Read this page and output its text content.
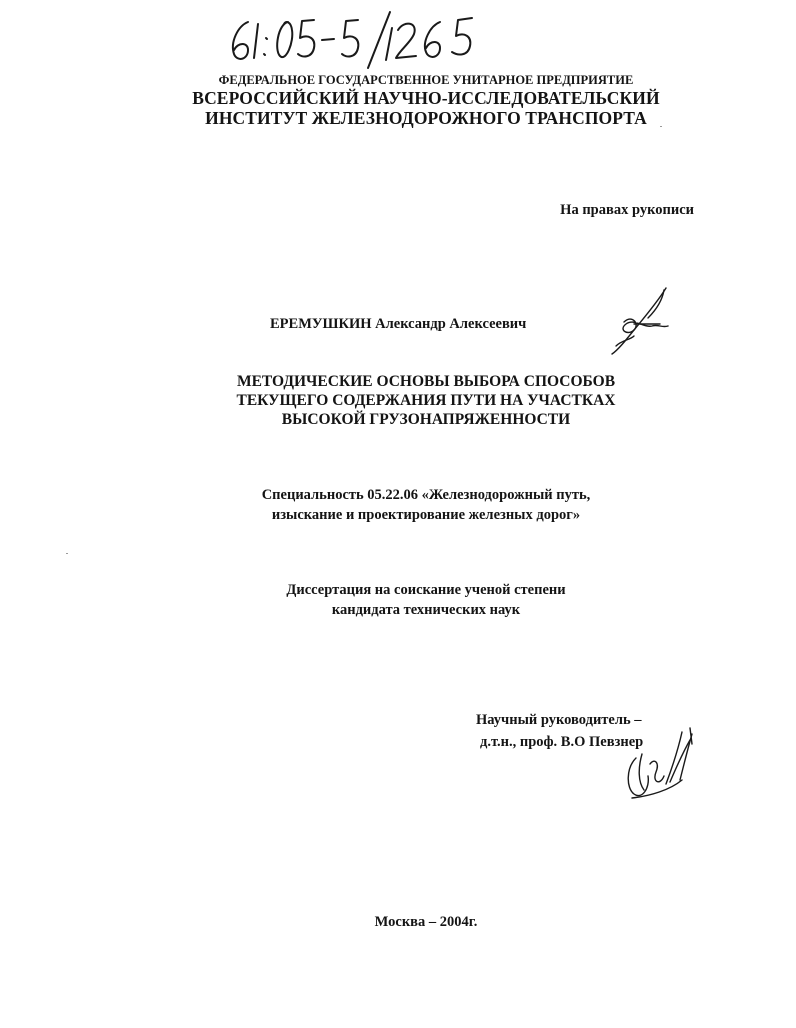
ФЕДЕРАЛЬНОЕ ГОСУДАРСТВЕННОЕ УНИТАРНОЕ ПРЕДПРИЯТИЕ
ВСЕРОССИЙСКИЙ НАУЧНО-ИССЛЕДОВАТЕЛЬСКИЙ
ИНСТИТУТ ЖЕЛЕЗНОДОРОЖНОГО ТРАНСПОРТА
На правах рукописи
ЕРЕМУШКИН Александр Алексеевич
МЕТОДИЧЕСКИЕ ОСНОВЫ ВЫБОРА СПОСОБОВ
ТЕКУЩЕГО СОДЕРЖАНИЯ ПУТИ НА УЧАСТКАХ
ВЫСОКОЙ ГРУЗОНАПРЯЖЕННОСТИ
Специальность 05.22.06 «Железнодорожный путь,
изыскание и проектирование железных дорог»
Диссертация на соискание ученой степени
кандидата технических наук
Научный руководитель –
д.т.н., проф. В.О Певзнер
Москва – 2004г.
